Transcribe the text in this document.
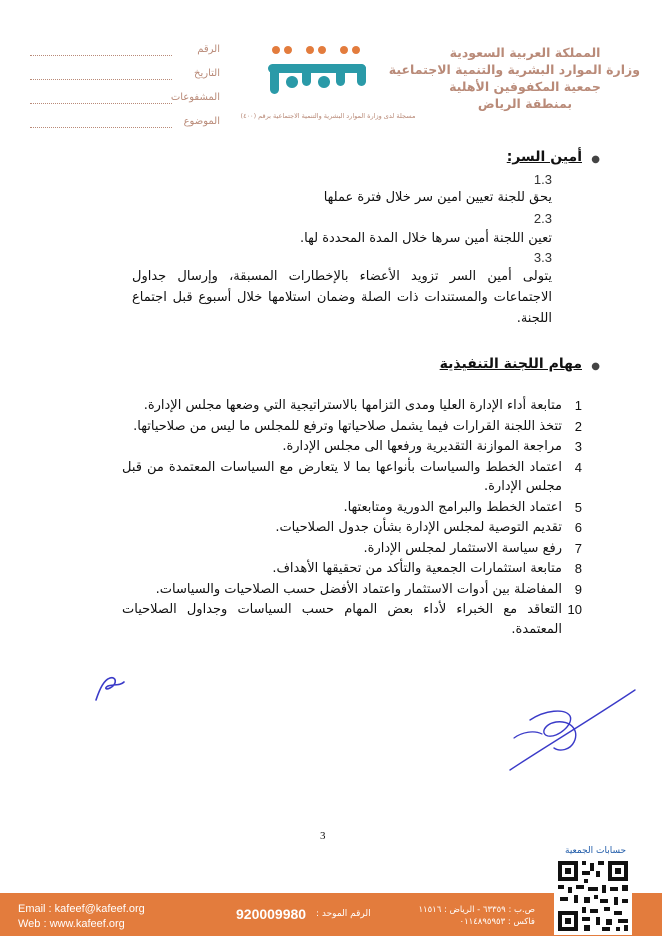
المملكة العربية السعودية
وزارة الموارد البشرية والتنمية الاجتماعية
جمعية المكفوفين الأهلية
بمنطقة الرياض
مسجلة لدى وزارة الموارد البشرية والتنمية الاجتماعية برقم (٤٠٠)
الرقم
التاريخ
المشفوعات
الموضوع
●
أمين السر:
1.3
يحق للجنة تعيين امين سر خلال فترة عملها
2.3
تعين اللجنة أمين سرها خلال المدة المحددة لها.
3.3
يتولى أمين السر تزويد الأعضاء بالإخطارات المسبقة، وإرسال جداول الاجتماعات والمستندات ذات الصلة وضمان استلامها خلال أسبوع قبل اجتماع اللجنة.
●
مهام اللجنة التنفيذية
1
متابعة أداء الإدارة العليا ومدى التزامها بالاستراتيجية التي وضعها مجلس الإدارة.
2
تتخذ اللجنة القرارات فيما يشمل صلاحياتها وترفع للمجلس ما ليس من صلاحياتها.
3
مراجعة الموازنة التقديرية ورفعها الى مجلس الإدارة.
4
اعتماد الخطط والسياسات بأنواعها بما لا يتعارض مع السياسات المعتمدة من قبل مجلس الإدارة.
5
اعتماد الخطط والبرامج الدورية ومتابعتها.
6
تقديم التوصية لمجلس الإدارة بشأن جدول الصلاحيات.
7
رفع سياسة الاستثمار لمجلس الإدارة.
8
متابعة استثمارات الجمعية والتأكد من تحقيقها الأهداف.
9
المفاضلة بين أدوات الاستثمار واعتماد الأفضل حسب الصلاحيات والسياسات.
10
التعاقد مع الخبراء لأداء بعض المهام حسب السياسات وجداول الصلاحيات المعتمدة.
3
Email : kafeef@kafeef.org
Web : www.kafeef.org
920009980 الرقم الموحد :	ص.ب : ٦٣٣٥٩ - الرياض : ١١٥١٦
فاكس : ٠١١٤٨٩٥٩٥٣
حسابات الجمعية
